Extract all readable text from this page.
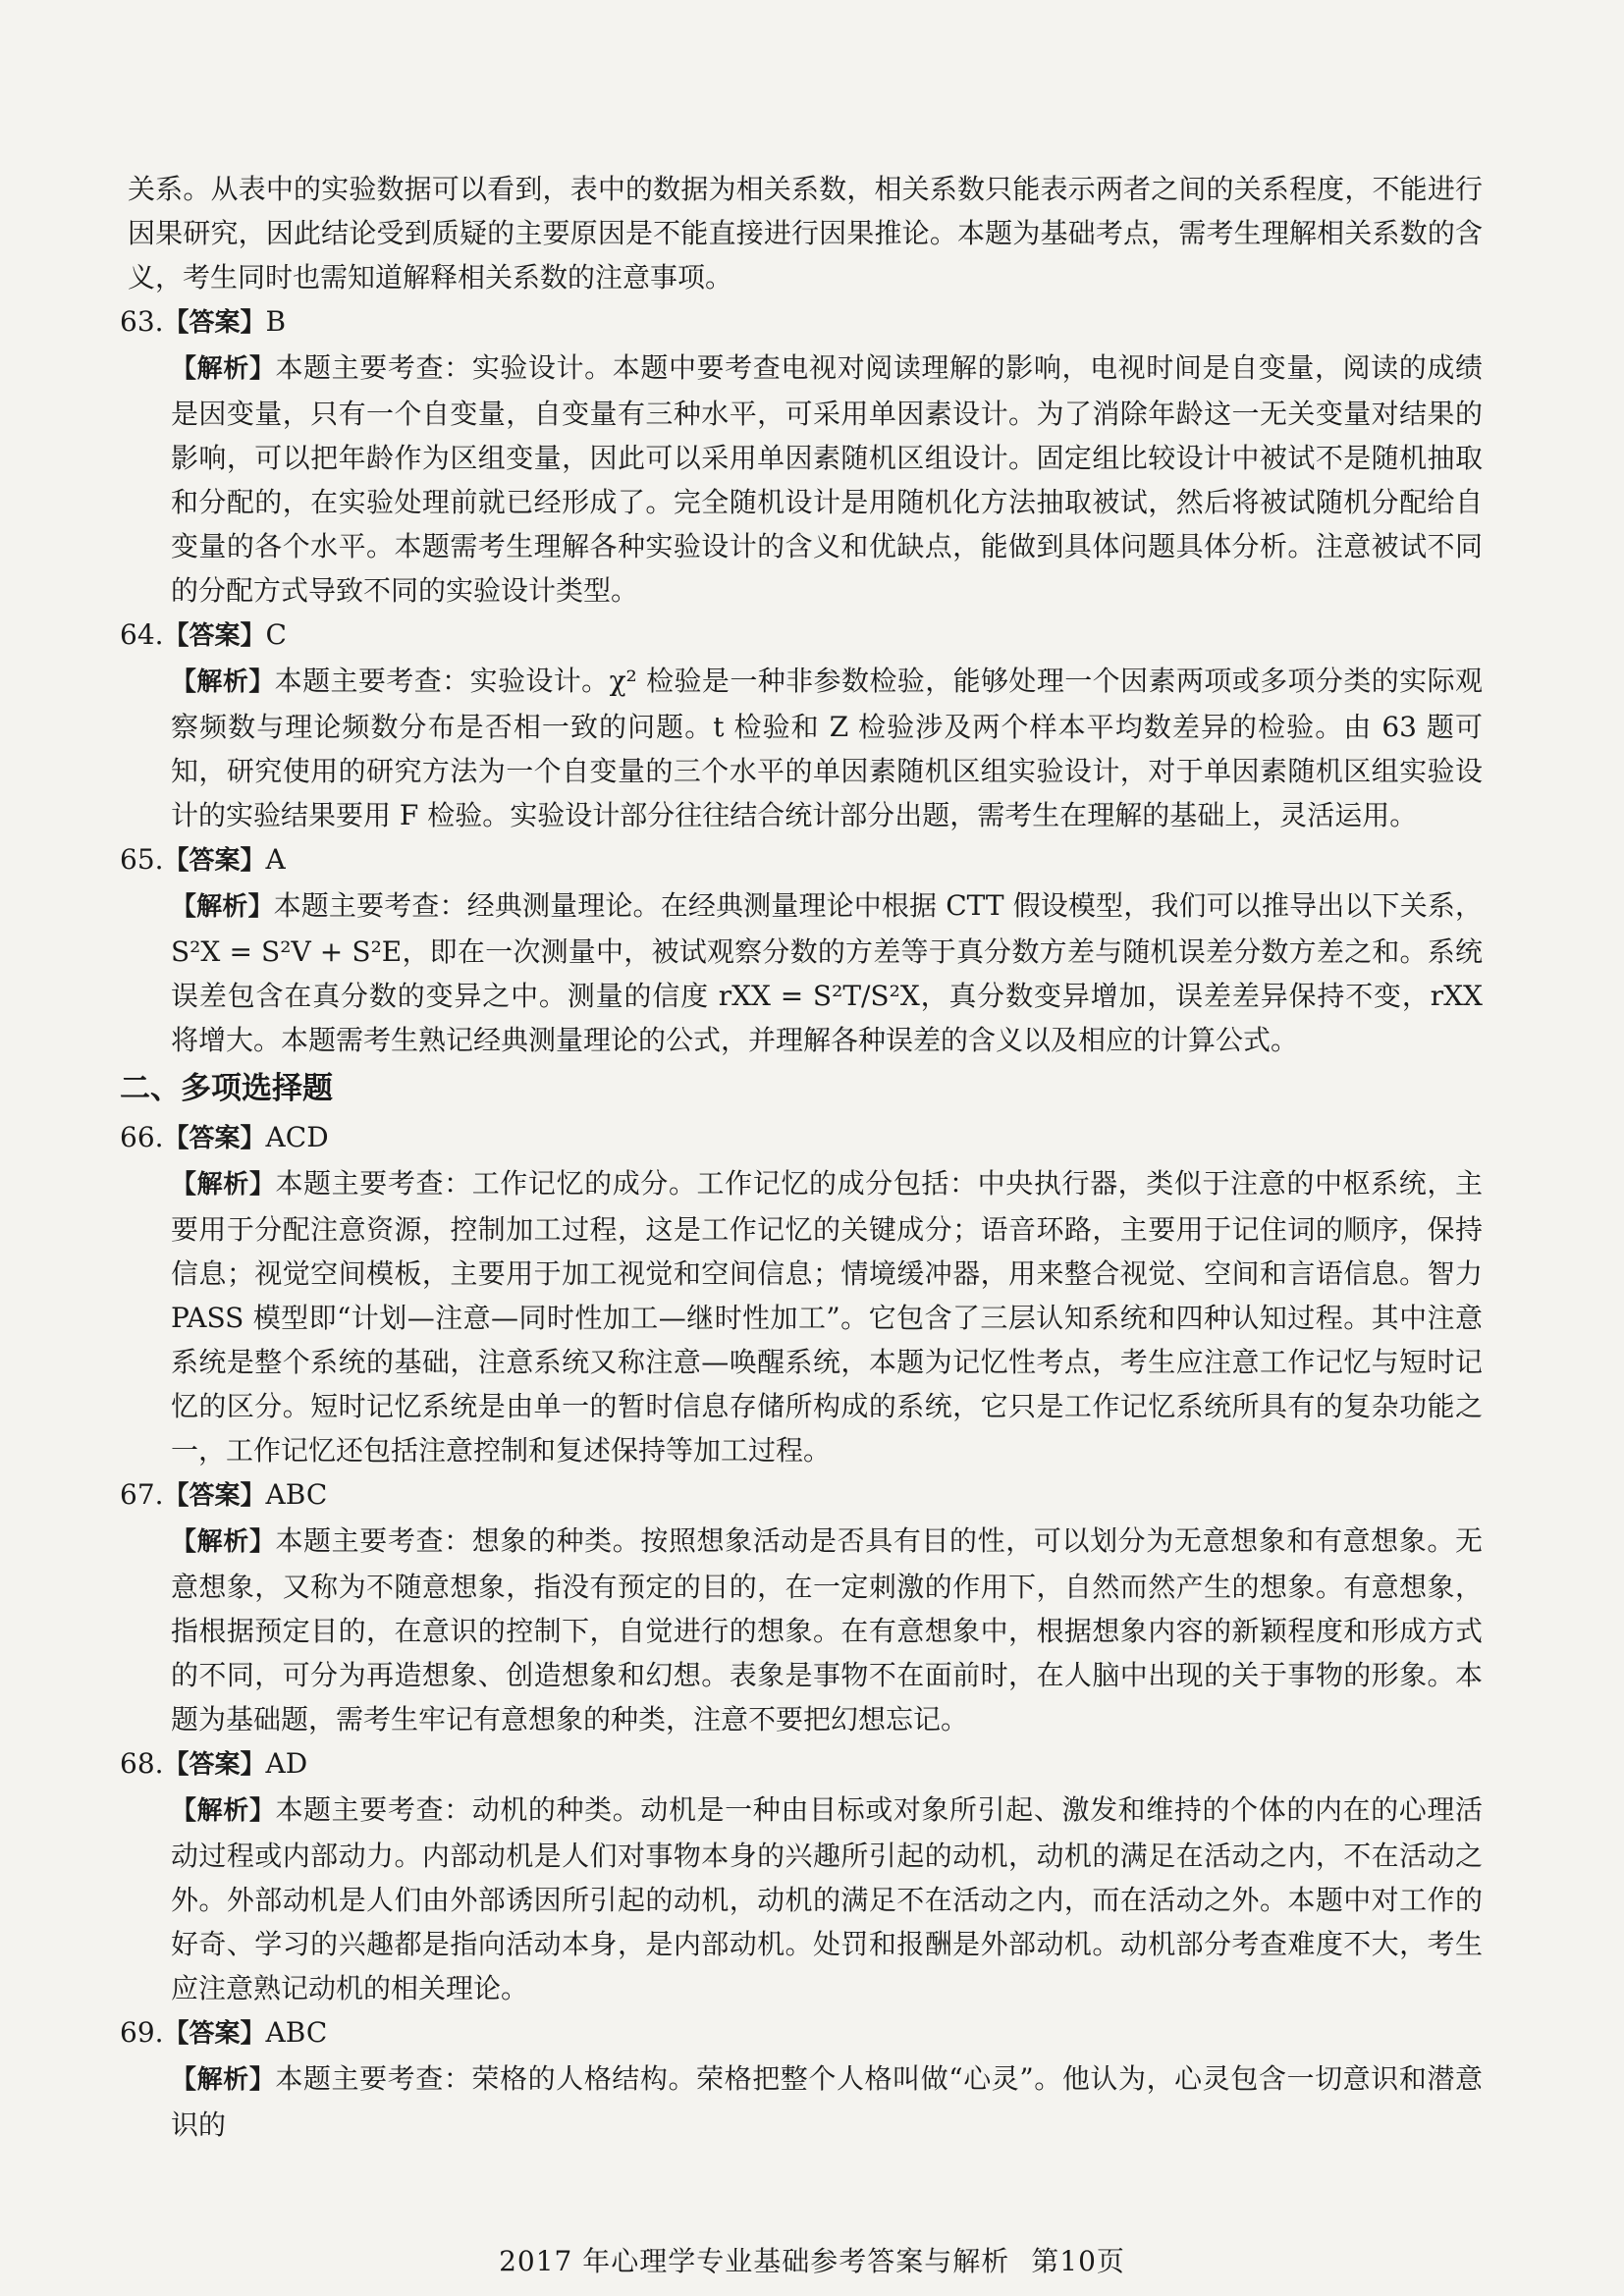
关系。从表中的实验数据可以看到，表中的数据为相关系数，相关系数只能表示两者之间的关系程度，不能进行因果研究，因此结论受到质疑的主要原因是不能直接进行因果推论。本题为基础考点，需考生理解相关系数的含义，考生同时也需知道解释相关系数的注意事项。

63.【答案】B

【解析】本题主要考查：实验设计。本题中要考查电视对阅读理解的影响，电视时间是自变量，阅读的成绩是因变量，只有一个自变量，自变量有三种水平，可采用单因素设计。为了消除年龄这一无关变量对结果的影响，可以把年龄作为区组变量，因此可以采用单因素随机区组设计。固定组比较设计中被试不是随机抽取和分配的，在实验处理前就已经形成了。完全随机设计是用随机化方法抽取被试，然后将被试随机分配给自变量的各个水平。本题需考生理解各种实验设计的含义和优缺点，能做到具体问题具体分析。注意被试不同的分配方式导致不同的实验设计类型。

64.【答案】C

【解析】本题主要考查：实验设计。χ² 检验是一种非参数检验，能够处理一个因素两项或多项分类的实际观察频数与理论频数分布是否相一致的问题。t 检验和 Z 检验涉及两个样本平均数差异的检验。由 63 题可知，研究使用的研究方法为一个自变量的三个水平的单因素随机区组实验设计，对于单因素随机区组实验设计的实验结果要用 F 检验。实验设计部分往往结合统计部分出题，需考生在理解的基础上，灵活运用。

65.【答案】A

【解析】本题主要考查：经典测量理论。在经典测量理论中根据 CTT 假设模型，我们可以推导出以下关系，S²X = S²V + S²E，即在一次测量中，被试观察分数的方差等于真分数方差与随机误差分数方差之和。系统误差包含在真分数的变异之中。测量的信度 rXX = S²T/S²X，真分数变异增加，误差差异保持不变，rXX 将增大。本题需考生熟记经典测量理论的公式，并理解各种误差的含义以及相应的计算公式。

二、多项选择题

66.【答案】ACD

【解析】本题主要考查：工作记忆的成分。工作记忆的成分包括：中央执行器，类似于注意的中枢系统，主要用于分配注意资源，控制加工过程，这是工作记忆的关键成分；语音环路，主要用于记住词的顺序，保持信息；视觉空间模板，主要用于加工视觉和空间信息；情境缓冲器，用来整合视觉、空间和言语信息。智力 PASS 模型即“计划—注意—同时性加工—继时性加工”。它包含了三层认知系统和四种认知过程。其中注意系统是整个系统的基础，注意系统又称注意—唤醒系统，本题为记忆性考点，考生应注意工作记忆与短时记忆的区分。短时记忆系统是由单一的暂时信息存储所构成的系统，它只是工作记忆系统所具有的复杂功能之一，工作记忆还包括注意控制和复述保持等加工过程。

67.【答案】ABC

【解析】本题主要考查：想象的种类。按照想象活动是否具有目的性，可以划分为无意想象和有意想象。无意想象，又称为不随意想象，指没有预定的目的，在一定刺激的作用下，自然而然产生的想象。有意想象，指根据预定目的，在意识的控制下，自觉进行的想象。在有意想象中，根据想象内容的新颖程度和形成方式的不同，可分为再造想象、创造想象和幻想。表象是事物不在面前时，在人脑中出现的关于事物的形象。本题为基础题，需考生牢记有意想象的种类，注意不要把幻想忘记。

68.【答案】AD

【解析】本题主要考查：动机的种类。动机是一种由目标或对象所引起、激发和维持的个体的内在的心理活动过程或内部动力。内部动机是人们对事物本身的兴趣所引起的动机，动机的满足在活动之内，不在活动之外。外部动机是人们由外部诱因所引起的动机，动机的满足不在活动之内，而在活动之外。本题中对工作的好奇、学习的兴趣都是指向活动本身，是内部动机。处罚和报酬是外部动机。动机部分考查难度不大，考生应注意熟记动机的相关理论。

69.【答案】ABC

【解析】本题主要考查：荣格的人格结构。荣格把整个人格叫做“心灵”。他认为，心灵包含一切意识和潜意识的

2017 年心理学专业基础参考答案与解析 第10页
